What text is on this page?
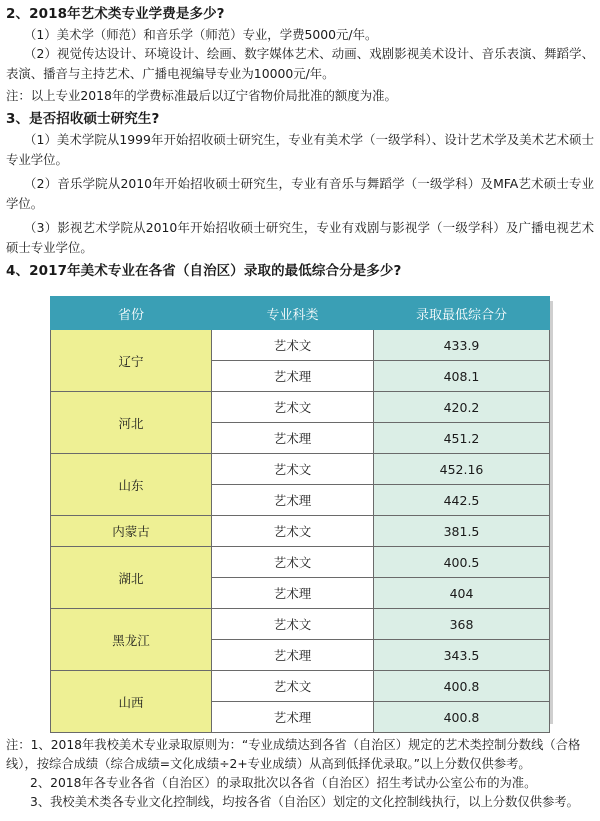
2、2018年艺术类专业学费是多少?

（1）美术学（师范）和音乐学（师范）专业，学费5000元/年。

（2）视觉传达设计、环境设计、绘画、数字媒体艺术、动画、戏剧影视美术设计、音乐表演、舞蹈学、表演、播音与主持艺术、广播电视编导专业为10000元/年。

注：以上专业2018年的学费标准最后以辽宁省物价局批准的额度为准。

3、是否招收硕士研究生?

（1）美术学院从1999年开始招收硕士研究生，专业有美术学（一级学科）、设计艺术学及美术艺术硕士专业学位。

（2）音乐学院从2010年开始招收硕士研究生，专业有音乐与舞蹈学（一级学科）及MFA艺术硕士专业学位。

（3）影视艺术学院从2010年开始招收硕士研究生，专业有戏剧与影视学（一级学科）及广播电视艺术硕士专业学位。

4、2017年美术专业在各省（自治区）录取的最低综合分是多少?
省份	专业科类	录取最低综合分
辽宁	艺术文	433.9
	艺术理	408.1
河北	艺术文	420.2
	艺术理	451.2
山东	艺术文	452.16
	艺术理	442.5
内蒙古	艺术文	381.5
湖北	艺术文	400.5
	艺术理	404
黑龙江	艺术文	368
	艺术理	343.5
山西	艺术文	400.8
	艺术理	400.8

注：1、2018年我校美术专业录取原则为：“专业成绩达到各省（自治区）规定的艺术类控制分数线（合格线），按综合成绩（综合成绩=文化成绩÷2+专业成绩）从高到低择优录取。”以上分数仅供参考。

2、2018年各专业各省（自治区）的录取批次以各省（自治区）招生考试办公室公布的为准。

3、我校美术类各专业文化控制线，均按各省（自治区）划定的文化控制线执行，以上分数仅供参考。
